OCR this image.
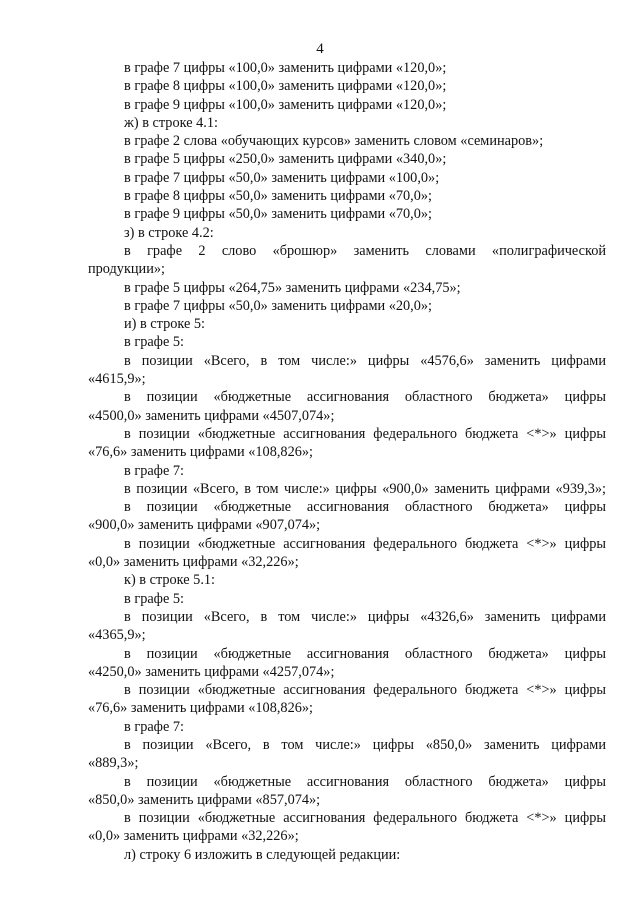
4
в графе 7 цифры «100,0» заменить цифрами «120,0»;
в графе 8 цифры «100,0» заменить цифрами «120,0»;
в графе 9 цифры «100,0» заменить цифрами «120,0»;
ж) в строке 4.1:
в графе 2 слова «обучающих курсов» заменить словом «семинаров»;
в графе 5 цифры «250,0» заменить цифрами «340,0»;
в графе 7 цифры «50,0» заменить цифрами «100,0»;
в графе 8 цифры «50,0» заменить цифрами «70,0»;
в графе 9 цифры «50,0» заменить цифрами «70,0»;
з) в строке 4.2:
в графе 2 слово «брошюр» заменить словами «полиграфической
продукции»;
в графе 5 цифры «264,75» заменить цифрами «234,75»;
в графе 7 цифры «50,0» заменить цифрами «20,0»;
и) в строке 5:
в графе 5:
в позиции «Всего, в том числе:» цифры «4576,6» заменить цифрами
«4615,9»;
в позиции «бюджетные ассигнования областного бюджета» цифры
«4500,0» заменить цифрами «4507,074»;
в позиции «бюджетные ассигнования федерального бюджета <*>» цифры
«76,6» заменить цифрами «108,826»;
в графе 7:
в позиции «Всего, в том числе:» цифры «900,0» заменить цифрами «939,3»;
в позиции «бюджетные ассигнования областного бюджета» цифры
«900,0» заменить цифрами «907,074»;
в позиции «бюджетные ассигнования федерального бюджета <*>» цифры
«0,0» заменить цифрами «32,226»;
к) в строке 5.1:
в графе 5:
в позиции «Всего, в том числе:» цифры «4326,6» заменить цифрами
«4365,9»;
в позиции «бюджетные ассигнования областного бюджета» цифры
«4250,0» заменить цифрами «4257,074»;
в позиции «бюджетные ассигнования федерального бюджета <*>» цифры
«76,6» заменить цифрами «108,826»;
в графе 7:
в позиции «Всего, в том числе:» цифры «850,0» заменить цифрами
«889,3»;
в позиции «бюджетные ассигнования областного бюджета» цифры
«850,0» заменить цифрами «857,074»;
в позиции «бюджетные ассигнования федерального бюджета <*>» цифры
«0,0» заменить цифрами «32,226»;
л) строку 6 изложить в следующей редакции:
